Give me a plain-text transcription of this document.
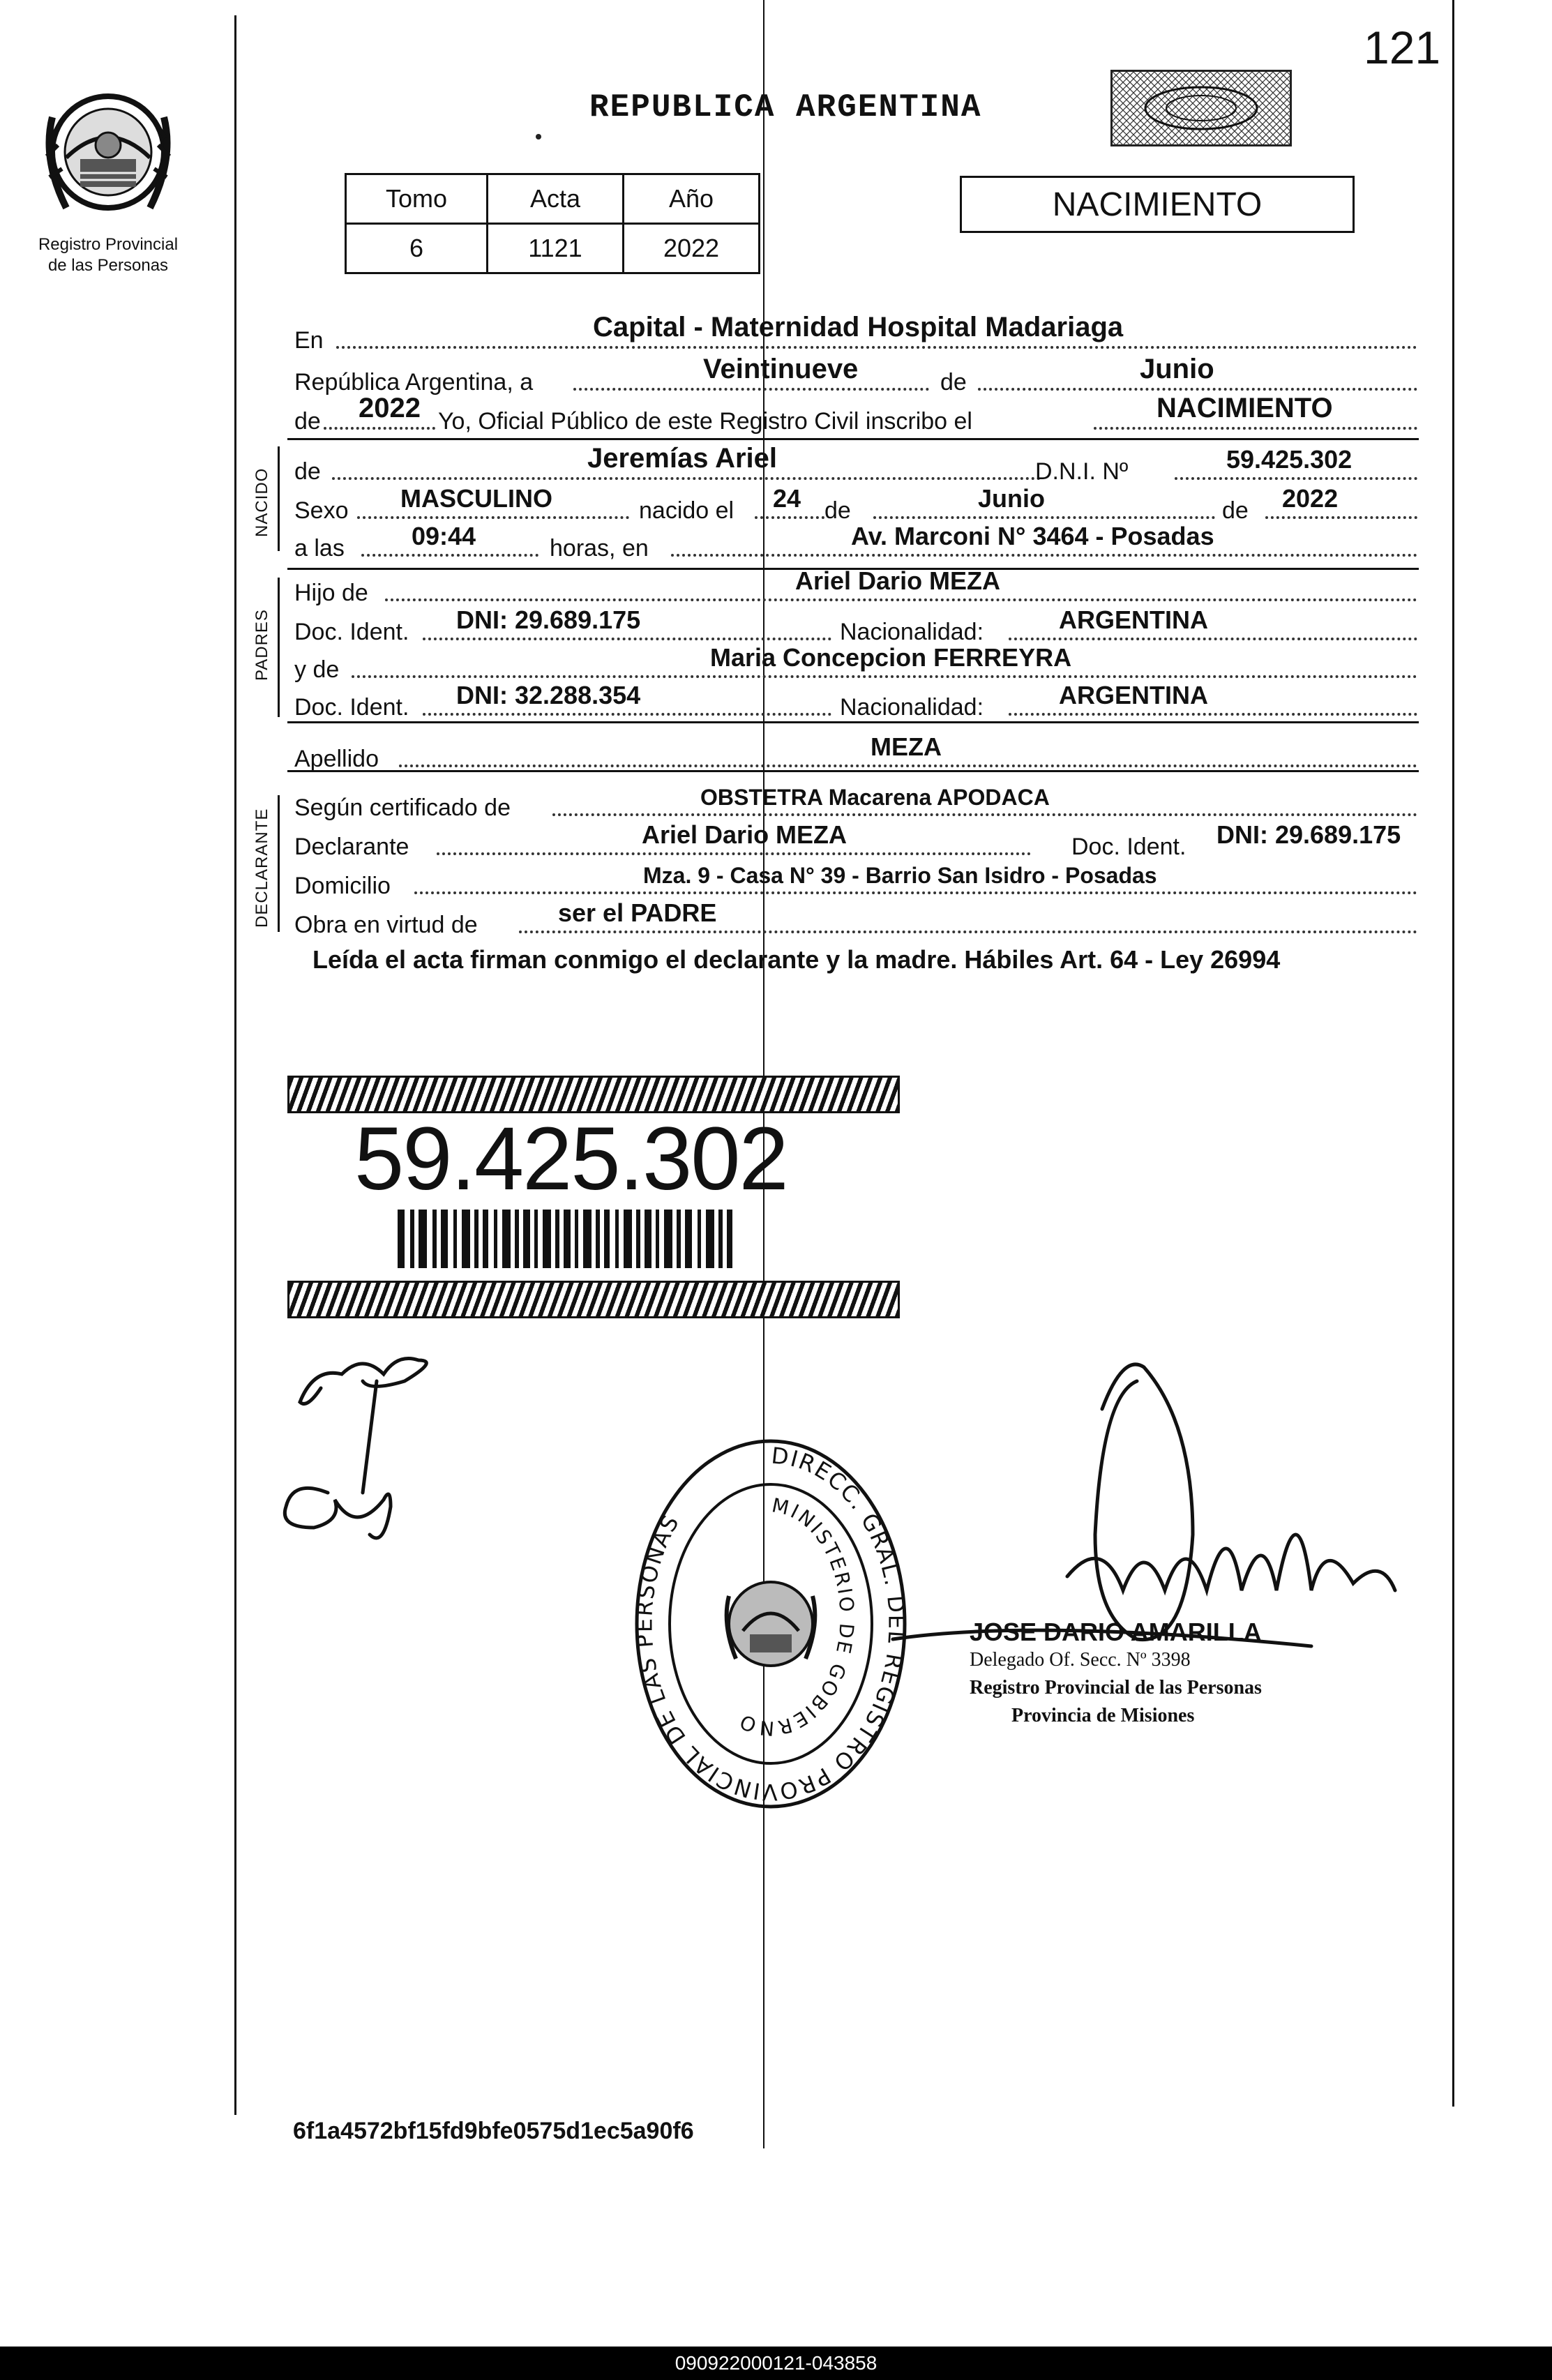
121
REPUBLICA ARGENTINA
Registro Provincial
de las Personas
Tomo	Acta	Año
6	1121	2022
NACIMIENTO
En	Capital - Maternidad Hospital Madariaga
República Argentina, a	Veintinueve	de	Junio
de 2022 Yo, Oficial Público de este Registro Civil inscribo el	NACIMIENTO
NACIDO de	Jeremías Ariel	D.N.I. Nº	59.425.302
Sexo MASCULINO	nacido el 24 de	Junio	de 2022
a las	09:44	horas, en	Av. Marconi N° 3464 - Posadas
PADRES
Hijo de	Ariel Dario MEZA
Doc. Ident. DNI: 29.689.175	Nacionalidad:	ARGENTINA
y de	Maria Concepcion FERREYRA
Doc. Ident. DNI: 32.288.354	Nacionalidad:	ARGENTINA
Apellido	MEZA
DECLARANTE
Según certificado de	OBSTETRA Macarena APODACA
Declarante	Ariel Dario MEZA	Doc. Ident. DNI: 29.689.175
Domicilio	Mza. 9 - Casa N° 39 - Barrio San Isidro - Posadas
Obra en virtud de	ser el PADRE
Leída el acta firman conmigo el declarante y la madre. Hábiles Art. 64 - Ley 26994
59.425.302
DIRECC. GRAL. DEL REGISTRO PROVINCIAL DE LAS PERSONAS
MINISTERIO DE GOBIERNO
JOSE DARIO AMARILLA
Delegado Of. Secc. Nº 3398
Registro Provincial de las Personas
Provincia de Misiones
6f1a4572bf15fd9bfe0575d1ec5a90f6
090922000121-043858
